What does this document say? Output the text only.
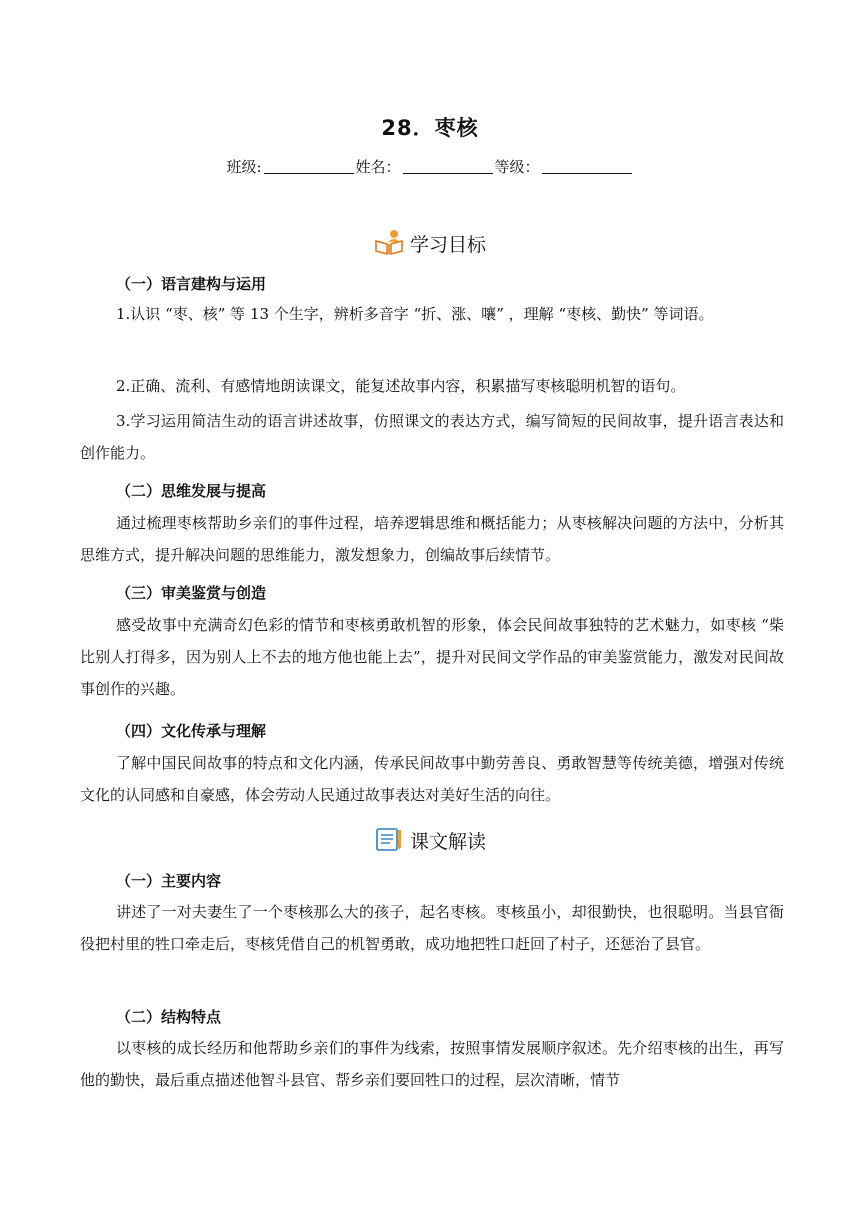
28．枣核
班级:	姓名：	等级：
学习目标
（一）语言建构与运用
1.认识 “枣、核” 等 13 个生字，辨析多音字 “折、涨、嚷” ，理解 “枣核、勤快” 等词语。
2.正确、流利、有感情地朗读课文，能复述故事内容，积累描写枣核聪明机智的语句。
3.学习运用简洁生动的语言讲述故事，仿照课文的表达方式，编写简短的民间故事，提升语言表达和创作能力。
（二）思维发展与提高
通过梳理枣核帮助乡亲们的事件过程，培养逻辑思维和概括能力；从枣核解决问题的方法中，分析其思维方式，提升解决问题的思维能力，激发想象力，创编故事后续情节。
（三）审美鉴赏与创造
感受故事中充满奇幻色彩的情节和枣核勇敢机智的形象，体会民间故事独特的艺术魅力，如枣核 “柴比别人打得多，因为别人上不去的地方他也能上去”，提升对民间文学作品的审美鉴赏能力，激发对民间故事创作的兴趣。
（四）文化传承与理解
了解中国民间故事的特点和文化内涵，传承民间故事中勤劳善良、勇敢智慧等传统美德，增强对传统文化的认同感和自豪感，体会劳动人民通过故事表达对美好生活的向往。
课文解读
（一）主要内容
讲述了一对夫妻生了一个枣核那么大的孩子，起名枣核。枣核虽小，却很勤快，也很聪明。当县官衙役把村里的牲口牵走后，枣核凭借自己的机智勇敢，成功地把牲口赶回了村子，还惩治了县官。
（二）结构特点
以枣核的成长经历和他帮助乡亲们的事件为线索，按照事情发展顺序叙述。先介绍枣核的出生，再写他的勤快，最后重点描述他智斗县官、帮乡亲们要回牲口的过程，层次清晰，情节
